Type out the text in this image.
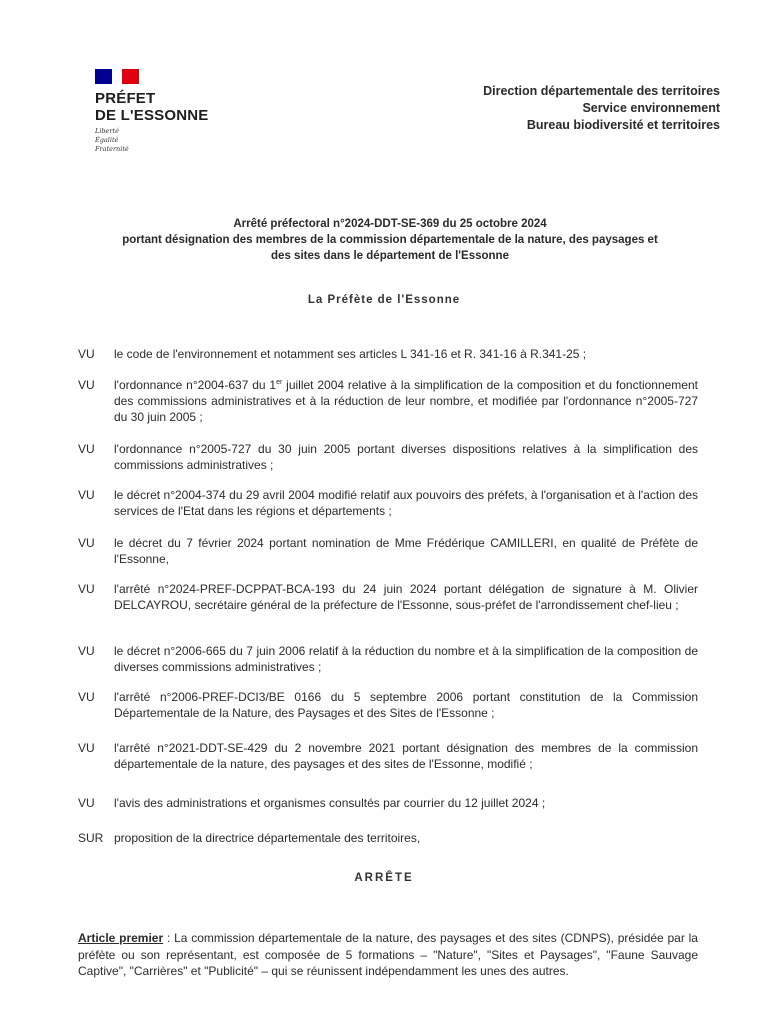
PRÉFET
DE L'ESSONNE
Liberté
Égalité
Fraternité
Direction départementale des territoires
Service environnement
Bureau biodiversité et territoires
Arrêté préfectoral n°2024-DDT-SE-369 du 25 octobre 2024
portant désignation des membres de la commission départementale de la nature, des paysages et
des sites dans le département de l'Essonne
La Préfète de l'Essonne
VU	le code de l'environnement et notamment ses articles L 341-16 et R. 341-16 à R.341-25 ;
VU	l'ordonnance n°2004-637 du 1er juillet 2004 relative à la simplification de la composition et du fonctionnement des commissions administratives et à la réduction de leur nombre, et modifiée par l'ordonnance n°2005-727 du 30 juin 2005 ;
VU	l'ordonnance n°2005-727 du 30 juin 2005 portant diverses dispositions relatives à la simplification des commissions administratives ;
VU	le décret n°2004-374 du 29 avril 2004 modifié relatif aux pouvoirs des préfets, à l'organisation et à l'action des services de l'Etat dans les régions et départements ;
VU	le décret du 7 février 2024 portant nomination de Mme Frédérique CAMILLERI, en qualité de Préfète de l'Essonne,
VU	l'arrêté n°2024-PREF-DCPPAT-BCA-193 du 24 juin 2024 portant délégation de signature à M. Olivier DELCAYROU, secrétaire général de la préfecture de l'Essonne, sous-préfet de l'arrondissement chef-lieu ;
VU	le décret n°2006-665 du 7 juin 2006 relatif à la réduction du nombre et à la simplification de la composition de diverses commissions administratives ;
VU	l'arrêté n°2006-PREF-DCI3/BE 0166 du 5 septembre 2006 portant constitution de la Commission Départementale de la Nature, des Paysages et des Sites de l'Essonne ;
VU	l'arrêté n°2021-DDT-SE-429 du 2 novembre 2021 portant désignation des membres de la commission départementale de la nature, des paysages et des sites de l'Essonne, modifié ;
VU	l'avis des administrations et organismes consultés par courrier du 12 juillet 2024 ;
SUR proposition de la directrice départementale des territoires,
ARRÊTE
Article premier : La commission départementale de la nature, des paysages et des sites (CDNPS), présidée par la préfète ou son représentant, est composée de 5 formations – "Nature", "Sites et Paysages", "Faune Sauvage Captive", "Carrières" et "Publicité" – qui se réunissent indépendamment les unes des autres.
